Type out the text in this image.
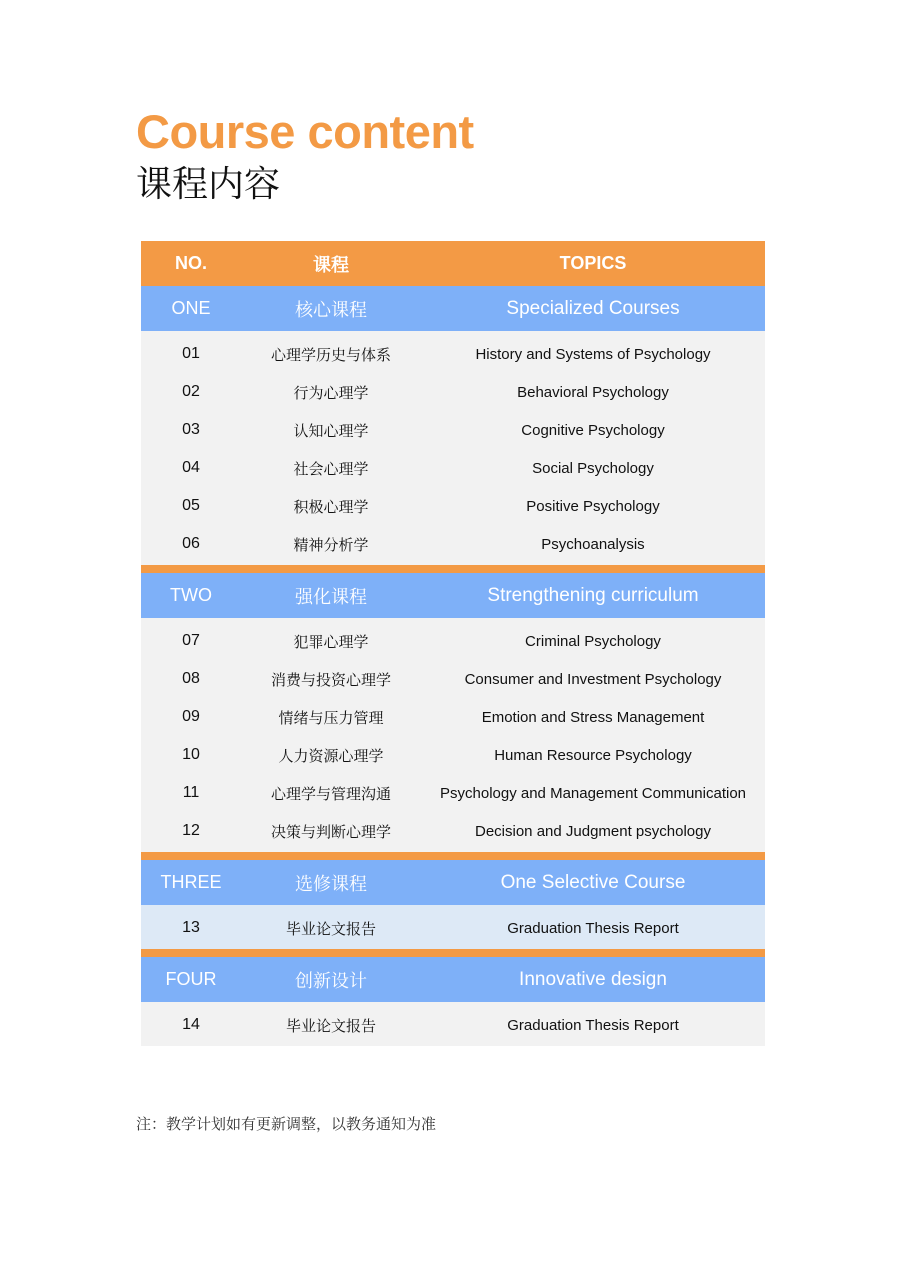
Course content
课程内容
NO.	课程	TOPICS
ONE	核心课程	Specialized Courses
01	心理学历史与体系	History and Systems of Psychology
02	行为心理学	Behavioral Psychology
03	认知心理学	Cognitive Psychology
04	社会心理学	Social Psychology
05	积极心理学	Positive Psychology
06	精神分析学	Psychoanalysis
TWO	强化课程	Strengthening curriculum
07	犯罪心理学	Criminal Psychology
08	消费与投资心理学	Consumer and Investment Psychology
09	情绪与压力管理	Emotion and Stress Management
10	人力资源心理学	Human Resource Psychology
11	心理学与管理沟通	Psychology and Management Communication
12	决策与判断心理学	Decision and Judgment psychology
THREE	选修课程	One Selective Course
13	毕业论文报告	Graduation Thesis Report
FOUR	创新设计	Innovative design
14	毕业论文报告	Graduation Thesis Report
注：教学计划如有更新调整，以教务通知为准
